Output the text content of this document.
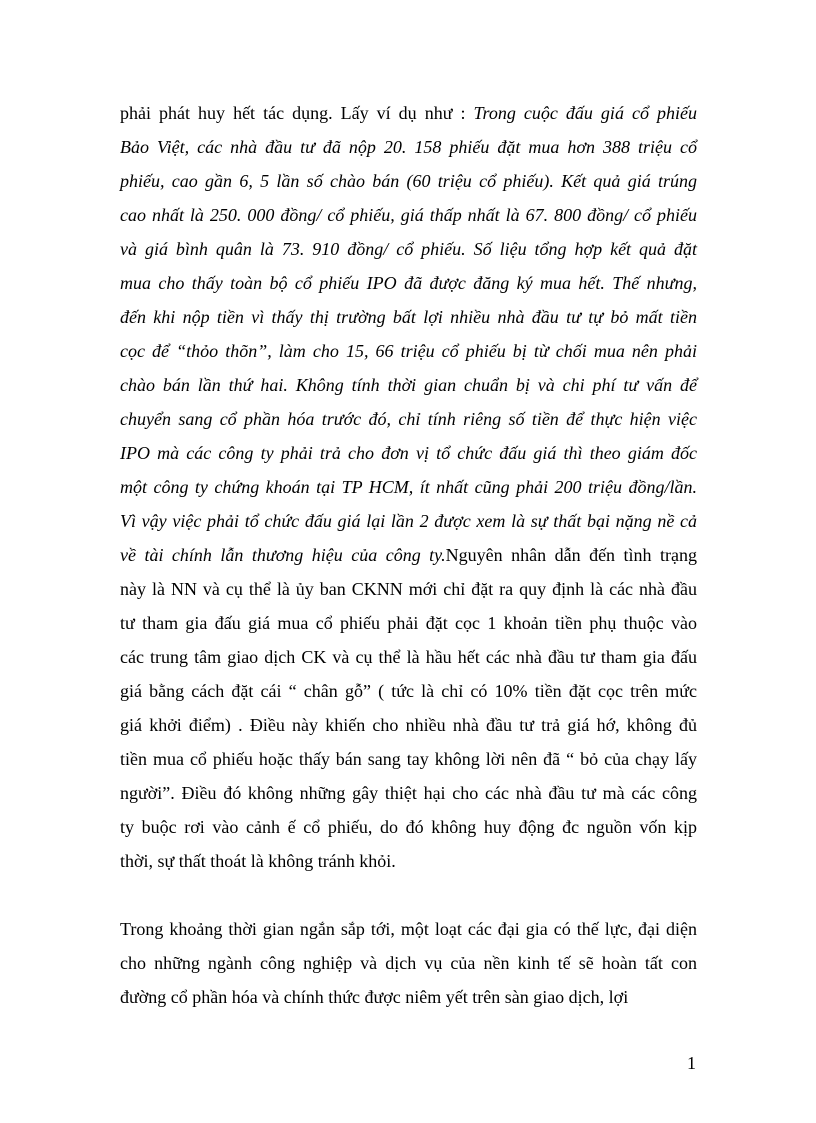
phải phát huy hết tác dụng. Lấy ví dụ như : Trong cuộc đấu giá cổ phiếu
Bảo Việt, các nhà đầu tư đã nộp 20. 158 phiếu đặt mua hơn 388 triệu cổ
phiếu, cao gần 6, 5 lần số chào bán (60 triệu cổ phiếu). Kết quả giá trúng
cao nhất là 250. 000 đồng/ cổ phiếu, giá thấp nhất là 67. 800 đồng/ cổ phiếu
và giá bình quân là 73. 910 đồng/ cổ phiếu. Số liệu tổng hợp kết quả đặt
mua cho thấy toàn bộ cổ phiếu IPO đã được đăng ký mua hết. Thế nhưng,
đến khi nộp tiền vì thấy thị trường bất lợi nhiều nhà đầu tư tự bỏ mất tiền
cọc để “thỏo thõn”, làm cho 15, 66 triệu cổ phiếu bị từ chối mua nên phải
chào bán lần thứ hai. Không tính thời gian chuẩn bị và chi phí tư vấn để
chuyển sang cổ phần hóa trước đó, chỉ tính riêng số tiền để thực hiện việc
IPO mà các công ty phải trả cho đơn vị tổ chức đấu giá thì theo giám đốc
một công ty chứng khoán tại TP HCM, ít nhất cũng phải 200 triệu đồng/lần.
Vì vậy việc phải tổ chức đấu giá lại lần 2 được xem là sự thất bại nặng nề cả
về tài chính lẫn thương hiệu của công ty.Nguyên nhân dẫn đến tình trạng
này là NN và cụ thể là ủy ban CKNN mới chỉ đặt ra quy định là các nhà đầu
tư tham gia đấu giá mua cổ phiếu phải đặt cọc 1 khoản tiền phụ thuộc vào
các trung tâm giao dịch CK và cụ thể là hầu hết các nhà đầu tư tham gia đấu
giá bằng cách đặt cái “ chân gỗ” ( tức là chỉ có 10% tiền đặt cọc trên mức
giá khởi điểm) . Điều này khiến cho nhiều nhà đầu tư trả giá hớ, không đủ
tiền mua cổ phiếu hoặc thấy bán sang tay không lời nên đã “ bỏ của chạy lấy
người”. Điều đó không những gây thiệt hại cho các nhà đầu tư mà các công
ty buộc rơi vào cảnh ế cổ phiếu, do đó không huy động đc nguồn vốn kịp
thời, sự thất thoát là không tránh khỏi.
Trong khoảng thời gian ngắn sắp tới, một loạt các đại gia có thế lực, đại diện
cho những ngành công nghiệp và dịch vụ của nền kinh tế sẽ hoàn tất con
đường cổ phần hóa và chính thức được niêm yết trên sàn giao dịch, lợi
1
